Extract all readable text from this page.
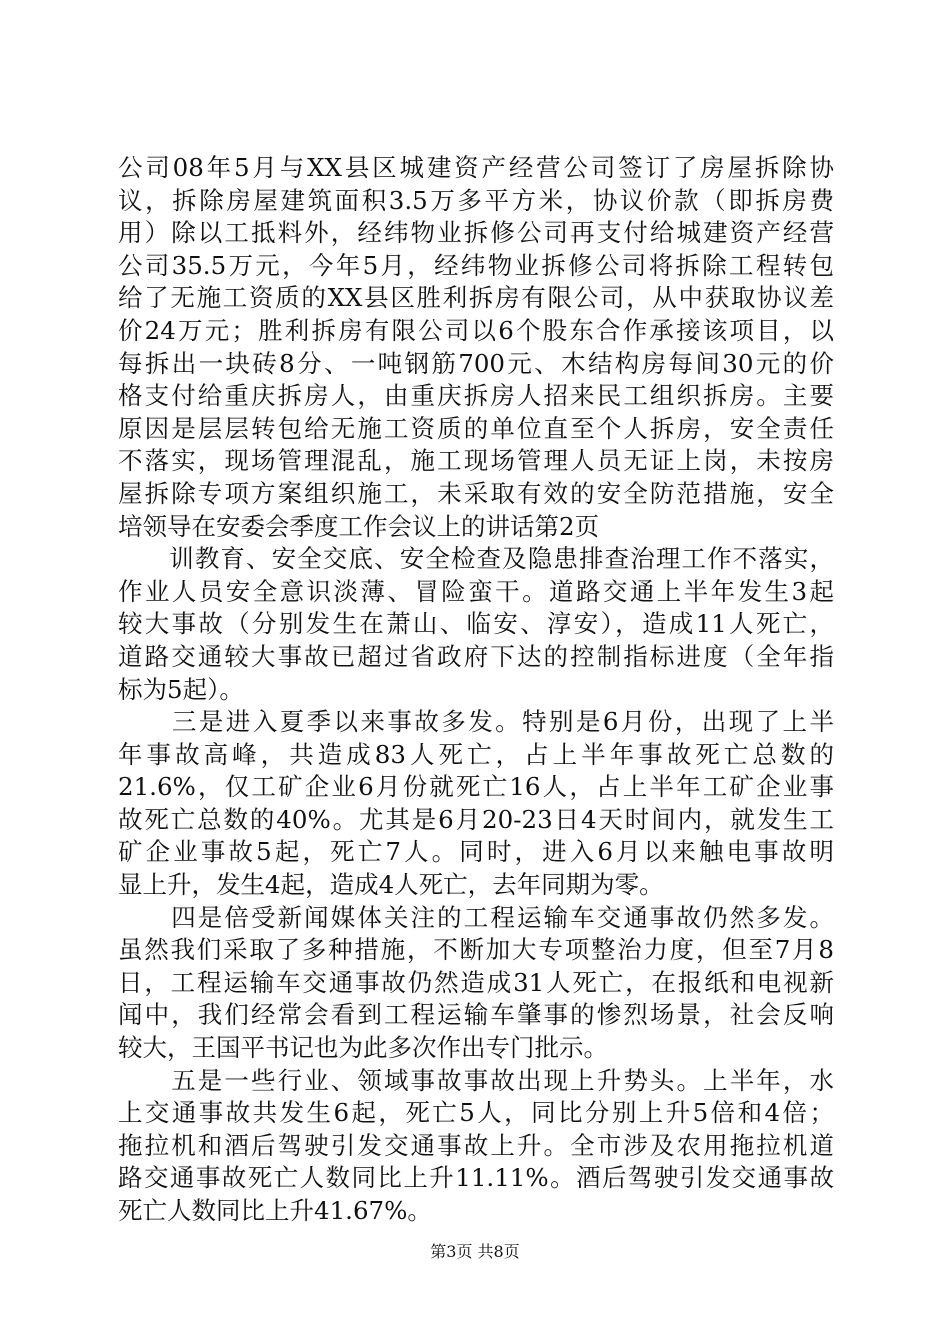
公司08年5月与XX县区城建资产经营公司签订了房屋拆除协
议，拆除房屋建筑面积3.5万多平方米，协议价款（即拆房费
用）除以工抵料外，经纬物业拆修公司再支付给城建资产经营
公司35.5万元，今年5月，经纬物业拆修公司将拆除工程转包
给了无施工资质的XX县区胜利拆房有限公司，从中获取协议差
价24万元；胜利拆房有限公司以6个股东合作承接该项目，以
每拆出一块砖8分、一吨钢筋700元、木结构房每间30元的价
格支付给重庆拆房人，由重庆拆房人招来民工组织拆房。主要
原因是层层转包给无施工资质的单位直至个人拆房，安全责任
不落实，现场管理混乱，施工现场管理人员无证上岗，未按房
屋拆除专项方案组织施工，未采取有效的安全防范措施，安全
培领导在安委会季度工作会议上的讲话第2页
　　训教育、安全交底、安全检查及隐患排查治理工作不落实，
作业人员安全意识淡薄、冒险蛮干。道路交通上半年发生3起
较大事故（分别发生在萧山、临安、淳安），造成11人死亡，
道路交通较大事故已超过省政府下达的控制指标进度（全年指
标为5起）。
　　三是进入夏季以来事故多发。特别是6月份，出现了上半
年事故高峰，共造成83人死亡，占上半年事故死亡总数的
21.6%，仅工矿企业6月份就死亡16人，占上半年工矿企业事
故死亡总数的40%。尤其是6月20-23日4天时间内，就发生工
矿企业事故5起，死亡7人。同时，进入6月以来触电事故明
显上升，发生4起，造成4人死亡，去年同期为零。
　　四是倍受新闻媒体关注的工程运输车交通事故仍然多发。
虽然我们采取了多种措施，不断加大专项整治力度，但至7月8
日，工程运输车交通事故仍然造成31人死亡，在报纸和电视新
闻中，我们经常会看到工程运输车肇事的惨烈场景，社会反响
较大，王国平书记也为此多次作出专门批示。
　　五是一些行业、领域事故事故出现上升势头。上半年，水
上交通事故共发生6起，死亡5人，同比分别上升5倍和4倍；
拖拉机和酒后驾驶引发交通事故上升。全市涉及农用拖拉机道
路交通事故死亡人数同比上升11.11%。酒后驾驶引发交通事故
死亡人数同比上升41.67%。
第3页 共8页
